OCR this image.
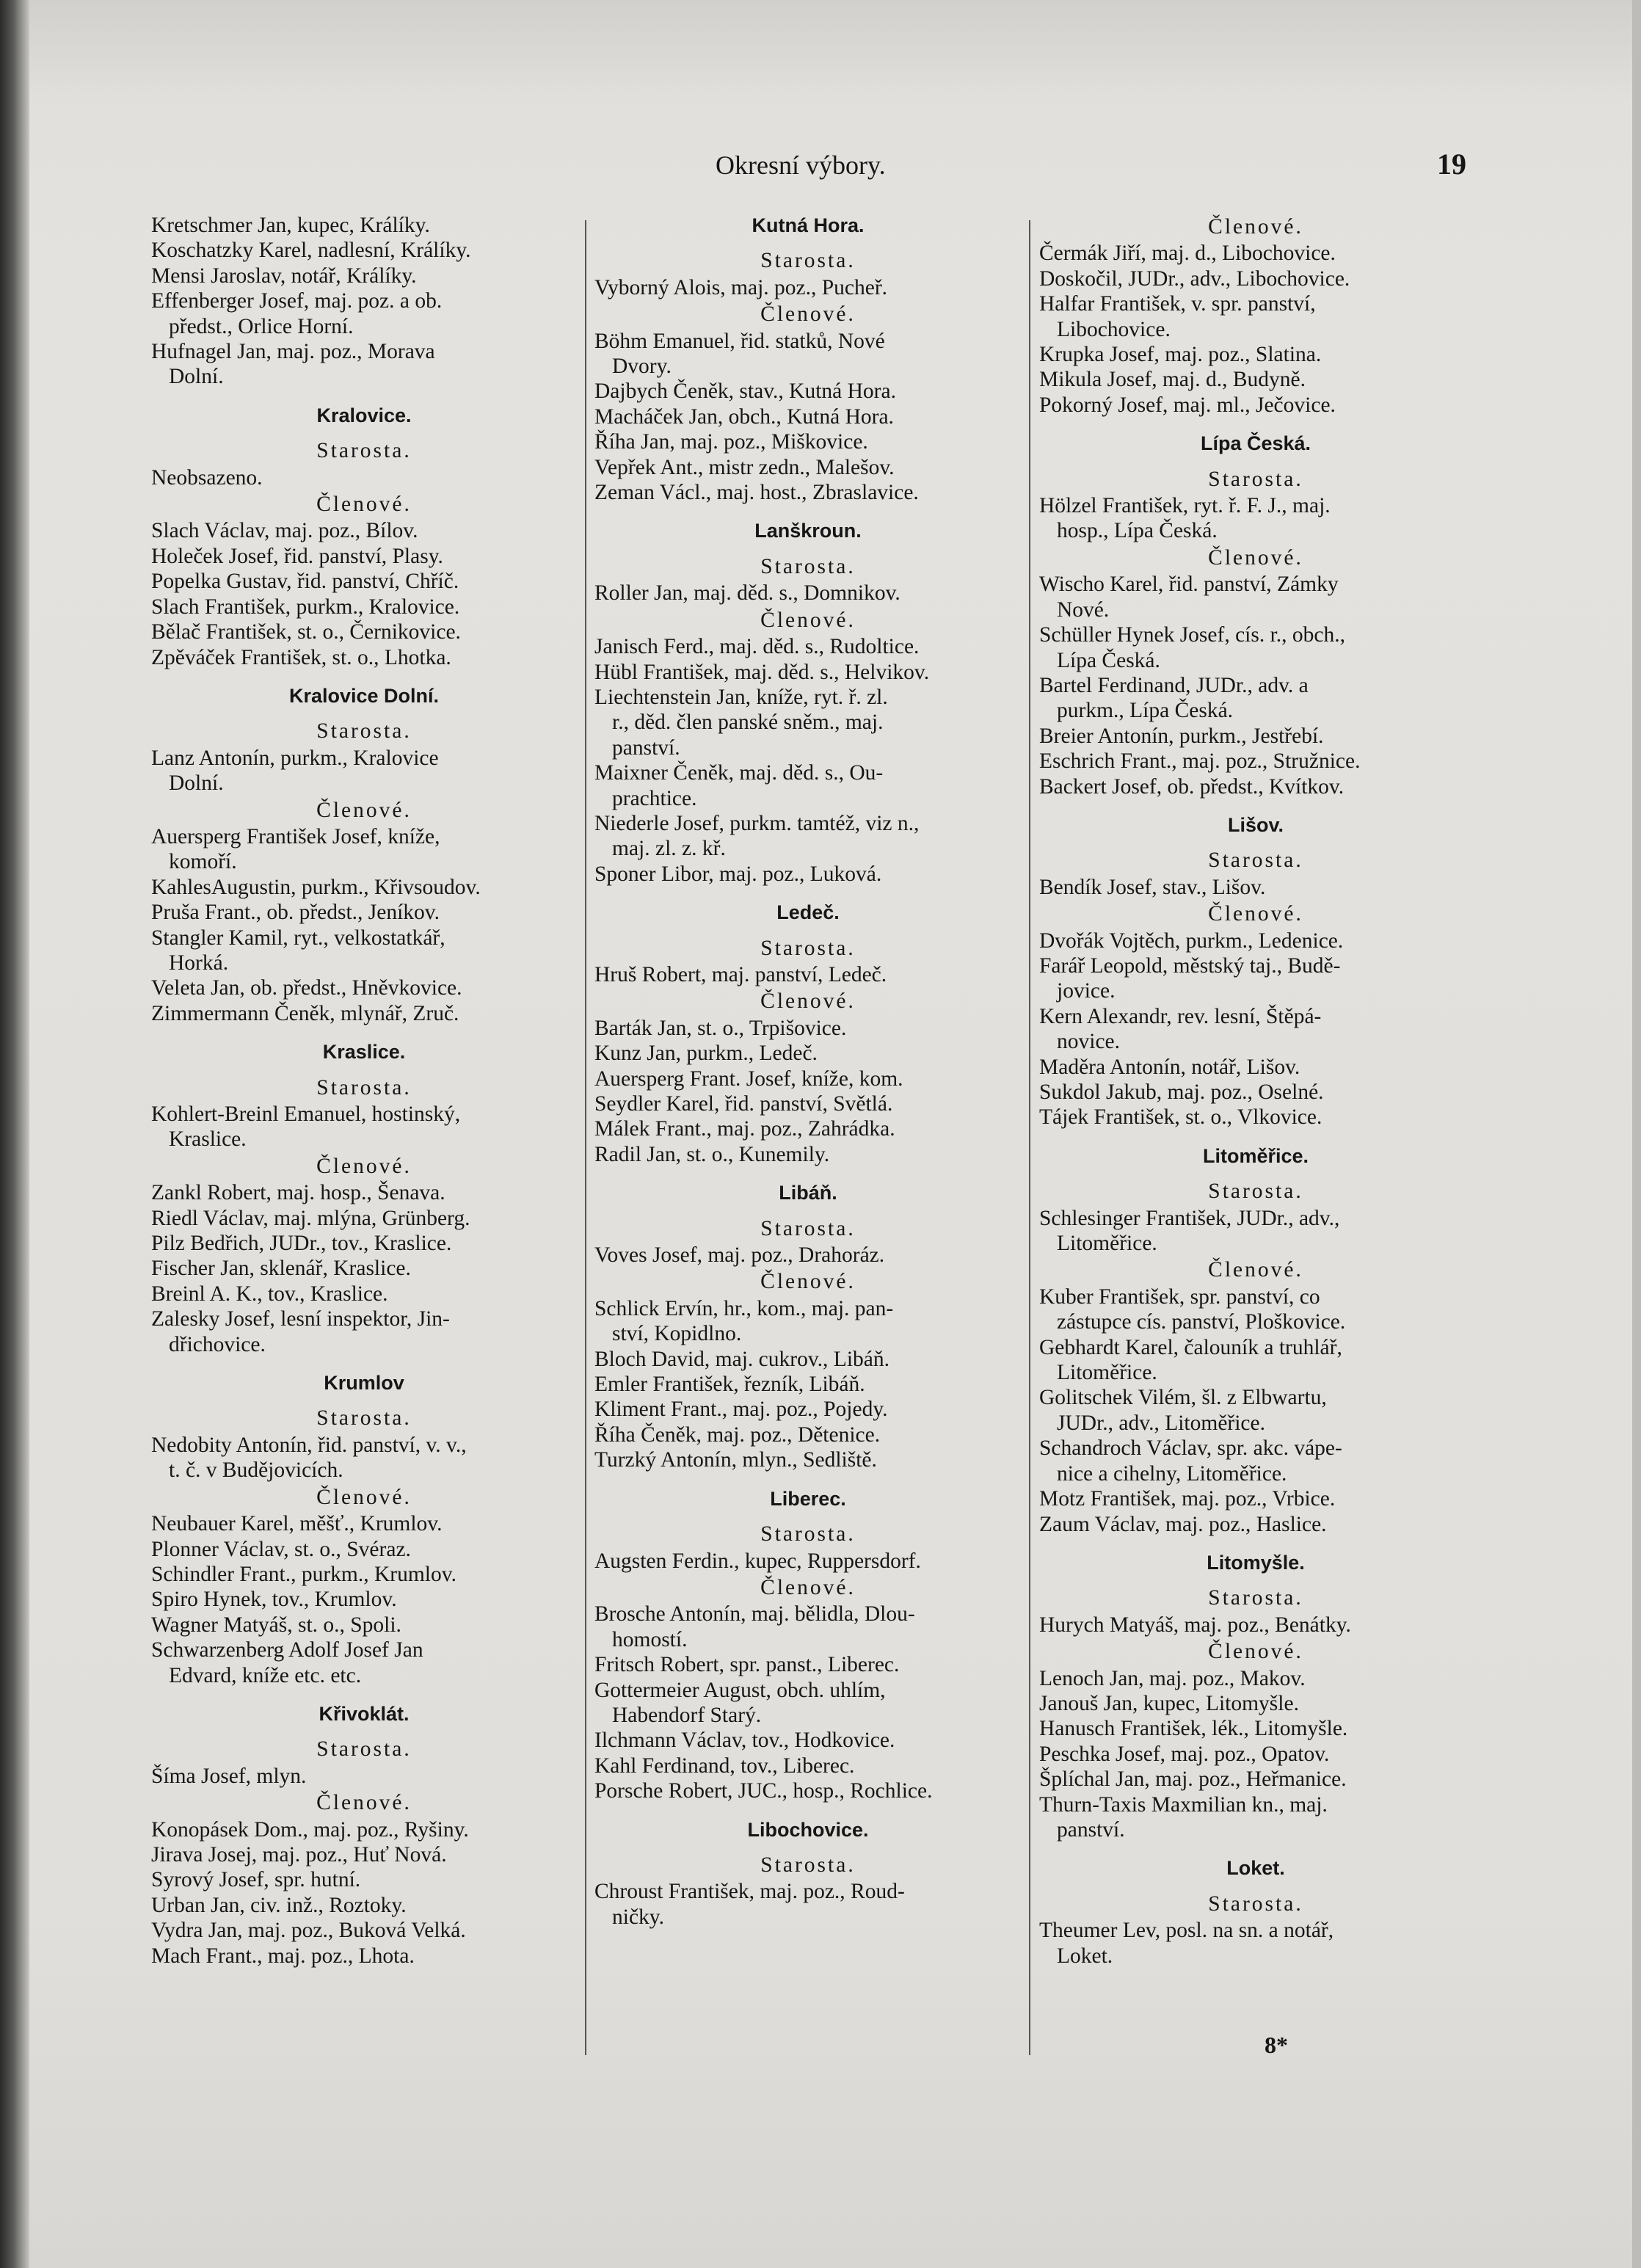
Okresní výbory.	19
Kretschmer Jan, kupec, Králíky.
Koschatzky Karel, nadlesní, Králíky.
Mensi Jaroslav, notář, Králíky.
Effenberger Josef, maj. poz. a ob.
předst., Orlice Horní.
Hufnagel Jan, maj. poz., Morava
Dolní.
Kralovice.
Starosta.
Neobsazeno.
Členové.
Slach Václav, maj. poz., Bílov.
Holeček Josef, řid. panství, Plasy.
Popelka Gustav, řid. panství, Chříč.
Slach František, purkm., Kralovice.
Bělač František, st. o., Černikovice.
Zpěváček František, st. o., Lhotka.
Kralovice Dolní.
Starosta.
Lanz Antonín, purkm., Kralovice
Dolní.
Členové.
Auersperg František Josef, kníže,
komoří.
KahlesAugustin, purkm., Křivsoudov.
Pruša Frant., ob. předst., Jeníkov.
Stangler Kamil, ryt., velkostatkář,
Horká.
Veleta Jan, ob. předst., Hněvkovice.
Zimmermann Čeněk, mlynář, Zruč.
Kraslice.
Starosta.
Kohlert-Breinl Emanuel, hostinský,
Kraslice.
Členové.
Zankl Robert, maj. hosp., Šenava.
Riedl Václav, maj. mlýna, Grünberg.
Pilz Bedřich, JUDr., tov., Kraslice.
Fischer Jan, sklenář, Kraslice.
Breinl A. K., tov., Kraslice.
Zalesky Josef, lesní inspektor, Jin-
dřichovice.
Krumlov
Starosta.
Nedobity Antonín, řid. panství, v. v.,
t. č. v Budějovicích.
Členové.
Neubauer Karel, měšť., Krumlov.
Plonner Václav, st. o., Svéraz.
Schindler Frant., purkm., Krumlov.
Spiro Hynek, tov., Krumlov.
Wagner Matyáš, st. o., Spoli.
Schwarzenberg Adolf Josef Jan
Edvard, kníže etc. etc.
Křivoklát.
Starosta.
Šíma Josef, mlyn.
Členové.
Konopásek Dom., maj. poz., Ryšiny.
Jirava Josej, maj. poz., Huť Nová.
Syrový Josef, spr. hutní.
Urban Jan, civ. inž., Roztoky.
Vydra Jan, maj. poz., Buková Velká.
Mach Frant., maj. poz., Lhota.
Kutná Hora.
Starosta.
Vyborný Alois, maj. poz., Pucheř.
Členové.
Böhm Emanuel, řid. statků, Nové
Dvory.
Dajbych Čeněk, stav., Kutná Hora.
Macháček Jan, obch., Kutná Hora.
Říha Jan, maj. poz., Miškovice.
Vepřek Ant., mistr zedn., Malešov.
Zeman Václ., maj. host., Zbraslavice.
Lanškroun.
Starosta.
Roller Jan, maj. děd. s., Domnikov.
Členové.
Janisch Ferd., maj. děd. s., Rudoltice.
Hübl František, maj. děd. s., Helvikov.
Liechtenstein Jan, kníže, ryt. ř. zl.
r., děd. člen panské sněm., maj.
panství.
Maixner Čeněk, maj. děd. s., Ou-
prachtice.
Niederle Josef, purkm. tamtéž, viz n.,
maj. zl. z. kř.
Sponer Libor, maj. poz., Luková.
Ledeč.
Starosta.
Hruš Robert, maj. panství, Ledeč.
Členové.
Barták Jan, st. o., Trpišovice.
Kunz Jan, purkm., Ledeč.
Auersperg Frant. Josef, kníže, kom.
Seydler Karel, řid. panství, Světlá.
Málek Frant., maj. poz., Zahrádka.
Radil Jan, st. o., Kunemily.
Libáň.
Starosta.
Voves Josef, maj. poz., Drahoráz.
Členové.
Schlick Ervín, hr., kom., maj. pan-
ství, Kopidlno.
Bloch David, maj. cukrov., Libáň.
Emler František, řezník, Libáň.
Kliment Frant., maj. poz., Pojedy.
Říha Čeněk, maj. poz., Dětenice.
Turzký Antonín, mlyn., Sedliště.
Liberec.
Starosta.
Augsten Ferdin., kupec, Ruppersdorf.
Členové.
Brosche Antonín, maj. bělidla, Dlou-
homostí.
Fritsch Robert, spr. panst., Liberec.
Gottermeier August, obch. uhlím,
Habendorf Starý.
Ilchmann Václav, tov., Hodkovice.
Kahl Ferdinand, tov., Liberec.
Porsche Robert, JUC., hosp., Rochlice.
Libochovice.
Starosta.
Chroust František, maj. poz., Roud-
ničky.
Členové.
Čermák Jiří, maj. d., Libochovice.
Doskočil, JUDr., adv., Libochovice.
Halfar František, v. spr. panství,
Libochovice.
Krupka Josef, maj. poz., Slatina.
Mikula Josef, maj. d., Budyně.
Pokorný Josef, maj. ml., Ječovice.
Lípa Česká.
Starosta.
Hölzel František, ryt. ř. F. J., maj.
hosp., Lípa Česká.
Členové.
Wischo Karel, řid. panství, Zámky
Nové.
Schüller Hynek Josef, cís. r., obch.,
Lípa Česká.
Bartel Ferdinand, JUDr., adv. a
purkm., Lípa Česká.
Breier Antonín, purkm., Jestřebí.
Eschrich Frant., maj. poz., Stružnice.
Backert Josef, ob. předst., Kvítkov.
Lišov.
Starosta.
Bendík Josef, stav., Lišov.
Členové.
Dvořák Vojtěch, purkm., Ledenice.
Farář Leopold, městský taj., Budě-
jovice.
Kern Alexandr, rev. lesní, Štěpá-
novice.
Maděra Antonín, notář, Lišov.
Sukdol Jakub, maj. poz., Oselné.
Tájek František, st. o., Vlkovice.
Litoměřice.
Starosta.
Schlesinger František, JUDr., adv.,
Litoměřice.
Členové.
Kuber František, spr. panství, co
zástupce cís. panství, Ploškovice.
Gebhardt Karel, čalouník a truhlář,
Litoměřice.
Golitschek Vilém, šl. z Elbwartu,
JUDr., adv., Litoměřice.
Schandroch Václav, spr. akc. vápe-
nice a cihelny, Litoměřice.
Motz František, maj. poz., Vrbice.
Zaum Václav, maj. poz., Haslice.
Litomyšle.
Starosta.
Hurych Matyáš, maj. poz., Benátky.
Členové.
Lenoch Jan, maj. poz., Makov.
Janouš Jan, kupec, Litomyšle.
Hanusch František, lék., Litomyšle.
Peschka Josef, maj. poz., Opatov.
Šplíchal Jan, maj. poz., Heřmanice.
Thurn-Taxis Maxmilian kn., maj.
panství.
Loket.
Starosta.
Theumer Lev, posl. na sn. a notář,
Loket.
8*
